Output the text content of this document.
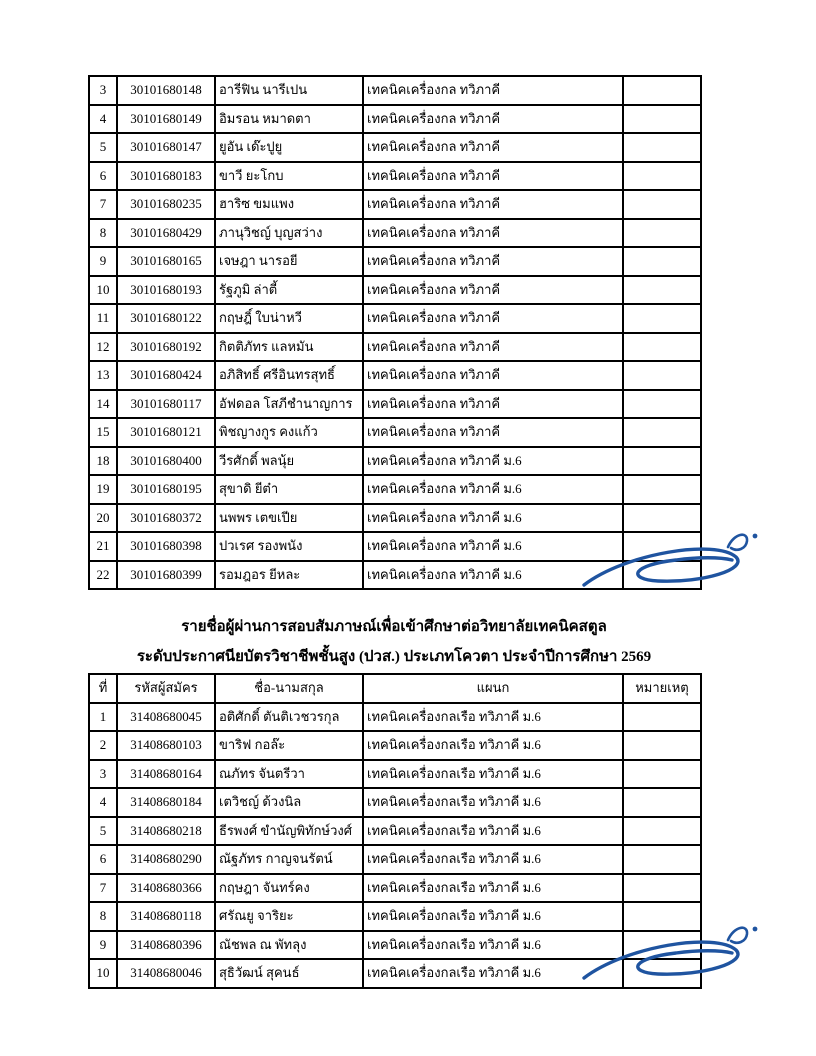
3	30101680148	อารีฟิน นารีเปน	เทคนิคเครื่องกล ทวิภาคี	
4	30101680149	อิมรอน หมาดตา	เทคนิคเครื่องกล ทวิภาคี	
5	30101680147	ยูอัน เด๊ะปูยู	เทคนิคเครื่องกล ทวิภาคี	
6	30101680183	ขาวี ยะโกบ	เทคนิคเครื่องกล ทวิภาคี	
7	30101680235	ฮาริซ ขมแพง	เทคนิคเครื่องกล ทวิภาคี	
8	30101680429	ภานุวิชญ์ บุญสว่าง	เทคนิคเครื่องกล ทวิภาคี	
9	30101680165	เจษฎา นารอยี	เทคนิคเครื่องกล ทวิภาคี	
10	30101680193	รัฐภูมิ ล่าตี้	เทคนิคเครื่องกล ทวิภาคี	
11	30101680122	กฤษฎิ์ ใบน่าหวี	เทคนิคเครื่องกล ทวิภาคี	
12	30101680192	กิตติภัทร แลหมัน	เทคนิคเครื่องกล ทวิภาคี	
13	30101680424	อภิสิทธิ์ ศรีอินทรสุทธิ์	เทคนิคเครื่องกล ทวิภาคี	
14	30101680117	อัฟดอล โสภีชำนาญการ	เทคนิคเครื่องกล ทวิภาคี	
15	30101680121	พิชญางกูร คงแก้ว	เทคนิคเครื่องกล ทวิภาคี	
18	30101680400	วีรศักดิ์ พลนุ้ย	เทคนิคเครื่องกล ทวิภาคี ม.6	
19	30101680195	สุขาดิ ยีต๋า	เทคนิคเครื่องกล ทวิภาคี ม.6	
20	30101680372	นพพร เตขเปีย	เทคนิคเครื่องกล ทวิภาคี ม.6	
21	30101680398	ปวเรศ รองพนัง	เทคนิคเครื่องกล ทวิภาคี ม.6	
22	30101680399	รอมฎอร ยีหละ	เทคนิคเครื่องกล ทวิภาคี ม.6	
รายชื่อผู้ผ่านการสอบสัมภาษณ์เพื่อเข้าศึกษาต่อวิทยาลัยเทคนิคสตูล
ระดับประกาศนียบัตรวิชาชีพชั้นสูง (ปวส.) ประเภทโควตา ประจำปีการศึกษา 2569
ที่	รหัสผู้สมัคร	ชื่อ-นามสกุล	แผนก	หมายเหตุ
1	31408680045	อติศักดิ์ ตันติเวชวรกุล	เทคนิคเครื่องกลเรือ ทวิภาคี ม.6	
2	31408680103	ขาริฟ กอล๊ะ	เทคนิคเครื่องกลเรือ ทวิภาคี ม.6	
3	31408680164	ณภัทร จันตรีวา	เทคนิคเครื่องกลเรือ ทวิภาคี ม.6	
4	31408680184	เตวิชญ์ ด้วงนิล	เทคนิคเครื่องกลเรือ ทวิภาคี ม.6	
5	31408680218	ธีรพงศ์ ขำนัญพิทักษ์วงศ์	เทคนิคเครื่องกลเรือ ทวิภาคี ม.6	
6	31408680290	ณัฐภัทร กาญจนรัตน์	เทคนิคเครื่องกลเรือ ทวิภาคี ม.6	
7	31408680366	กฤษฎา จันทร์คง	เทคนิคเครื่องกลเรือ ทวิภาคี ม.6	
8	31408680118	ศรัณยู จาริยะ	เทคนิคเครื่องกลเรือ ทวิภาคี ม.6	
9	31408680396	ณัชพล ณ พัทลุง	เทคนิคเครื่องกลเรือ ทวิภาคี ม.6	
10	31408680046	สุธิวัฒน์ สุคนธ์	เทคนิคเครื่องกลเรือ ทวิภาคี ม.6	
